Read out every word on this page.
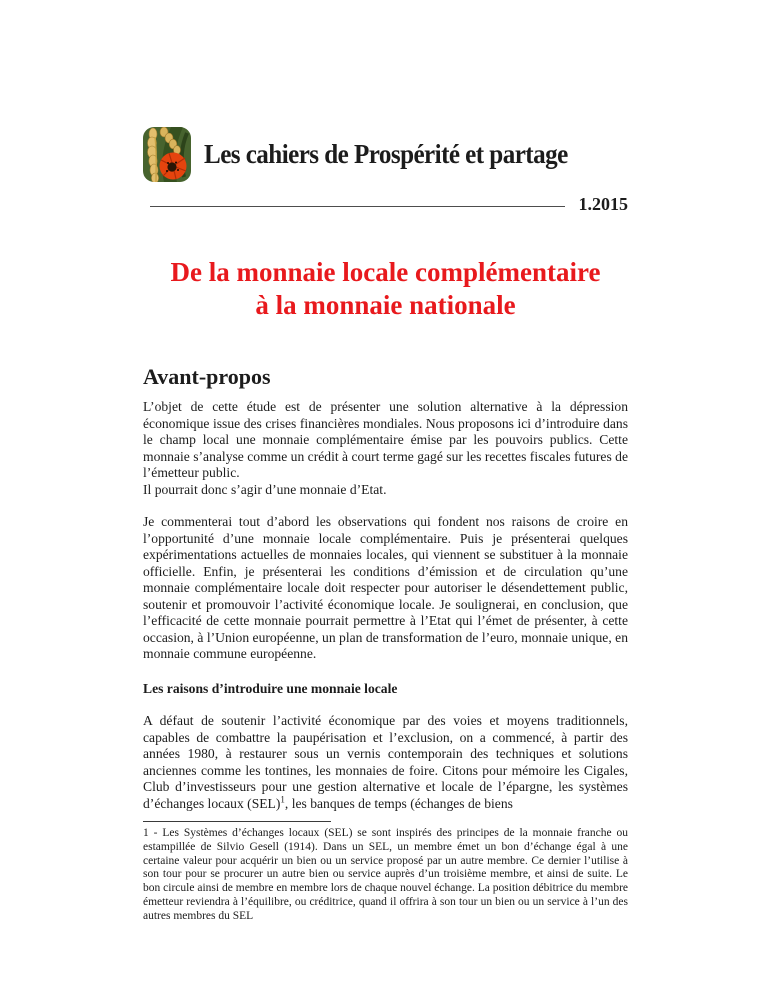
Les cahiers de Prospérité et partage
1.2015
De la monnaie locale complémentaire
à la monnaie nationale
Avant-propos

L’objet de cette étude est de présenter une solution alternative à la dépression économique issue des crises financières mondiales. Nous proposons ici d’introduire dans le champ local une monnaie complémentaire émise par les pouvoirs publics. Cette monnaie s’analyse comme un crédit à court terme gagé sur les recettes fiscales futures de l’émetteur public.

Il pourrait donc s’agir d’une monnaie d’Etat.

Je commenterai tout d’abord les observations qui fondent nos raisons de croire en l’opportunité d’une monnaie locale complémentaire. Puis je présenterai quelques expérimentations actuelles de monnaies locales, qui viennent se substituer à la monnaie officielle. Enfin, je présenterai les conditions d’émission et de circulation qu’une monnaie complémentaire locale doit respecter pour autoriser le désendettement public, soutenir et promouvoir l’activité économique locale. Je soulignerai, en conclusion, que l’efficacité de cette monnaie pourrait permettre à l’Etat qui l’émet de présenter, à cette occasion, à l’Union européenne, un plan de transformation de l’euro, monnaie unique, en monnaie commune européenne.

Les raisons d’introduire une monnaie locale

A défaut de soutenir l’activité économique par des voies et moyens traditionnels, capables de combattre la paupérisation et l’exclusion, on a commencé, à partir des années 1980, à restaurer sous un vernis contemporain des techniques et solutions anciennes comme les tontines, les monnaies de foire. Citons pour mémoire les Cigales, Club d’investisseurs pour une gestion alternative et locale de l’épargne, les systèmes d’échanges locaux (SEL)$^1$, les banques de temps (échanges de biens

1 - Les Systèmes d’échanges locaux (SEL) se sont inspirés des principes de la monnaie franche ou estampillée de Silvio Gesell (1914). Dans un SEL, un membre émet un bon d’échange égal à une certaine valeur pour acquérir un bien ou un service proposé par un autre membre. Ce dernier l’utilise à son tour pour se procurer un autre bien ou service auprès d’un troisième membre, et ainsi de suite. Le bon circule ainsi de membre en membre lors de chaque nouvel échange. La position débitrice du membre émetteur reviendra à l’équilibre, ou créditrice, quand il offrira à son tour un bien ou un service à l’un des autres membres du SEL
